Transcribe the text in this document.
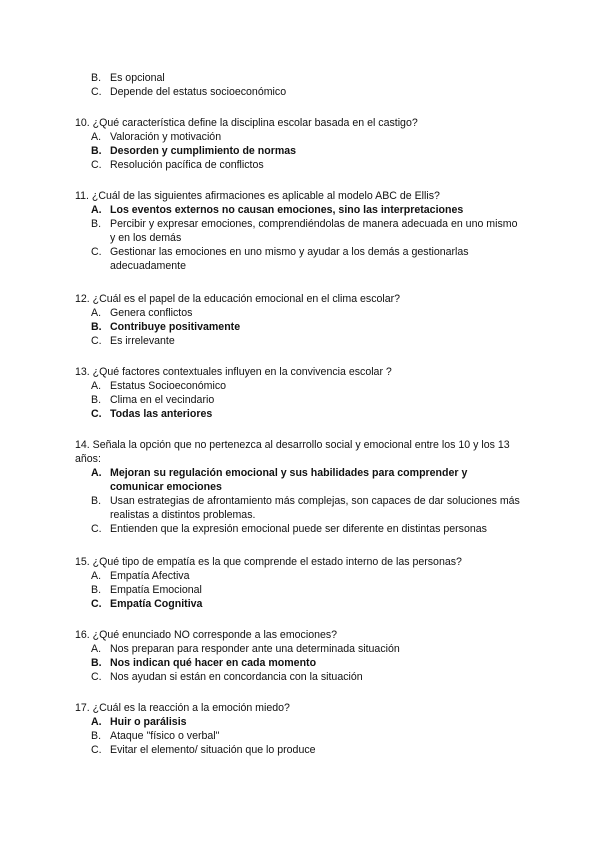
B. Es opcional
C. Depende del estatus socioeconómico

10. ¿Qué característica define la disciplina escolar basada en el castigo?

A. Valoración y motivación
B. Desorden y cumplimiento de normas
C. Resolución pacífica de conflictos

11. ¿Cuál de las siguientes afirmaciones es aplicable al modelo ABC de Ellis?

A. Los eventos externos no causan emociones, sino las interpretaciones
B. Percibir y expresar emociones, comprendiéndolas de manera adecuada en uno mismo y en los demás
C. Gestionar las emociones en uno mismo y ayudar a los demás a gestionarlas adecuadamente

12. ¿Cuál es el papel de la educación emocional en el clima escolar?

A. Genera conflictos
B. Contribuye positivamente
C. Es irrelevante

13. ¿Qué factores contextuales influyen en la convivencia escolar ?

A. Estatus Socioeconómico
B. Clima en el vecindario
C. Todas las anteriores

14. Señala la opción que no pertenezca al desarrollo social y emocional entre los 10 y los 13 años:

A. Mejoran su regulación emocional y sus habilidades para comprender y comunicar emociones
B. Usan estrategias de afrontamiento más complejas, son capaces de dar soluciones más realistas a distintos problemas.
C. Entienden que la expresión emocional puede ser diferente en distintas personas

15. ¿Qué tipo de empatía es la que comprende el estado interno de las personas?

A. Empatía Afectiva
B. Empatía Emocional
C. Empatía Cognitiva

16. ¿Qué enunciado NO corresponde a las emociones?

A. Nos preparan para responder ante una determinada situación
B. Nos indican qué hacer en cada momento
C. Nos ayudan si están en concordancia con la situación

17. ¿Cuál es la reacción a la emoción miedo?

A. Huir o parálisis
B. Ataque "físico o verbal"
C. Evitar el elemento/ situación que lo produce
